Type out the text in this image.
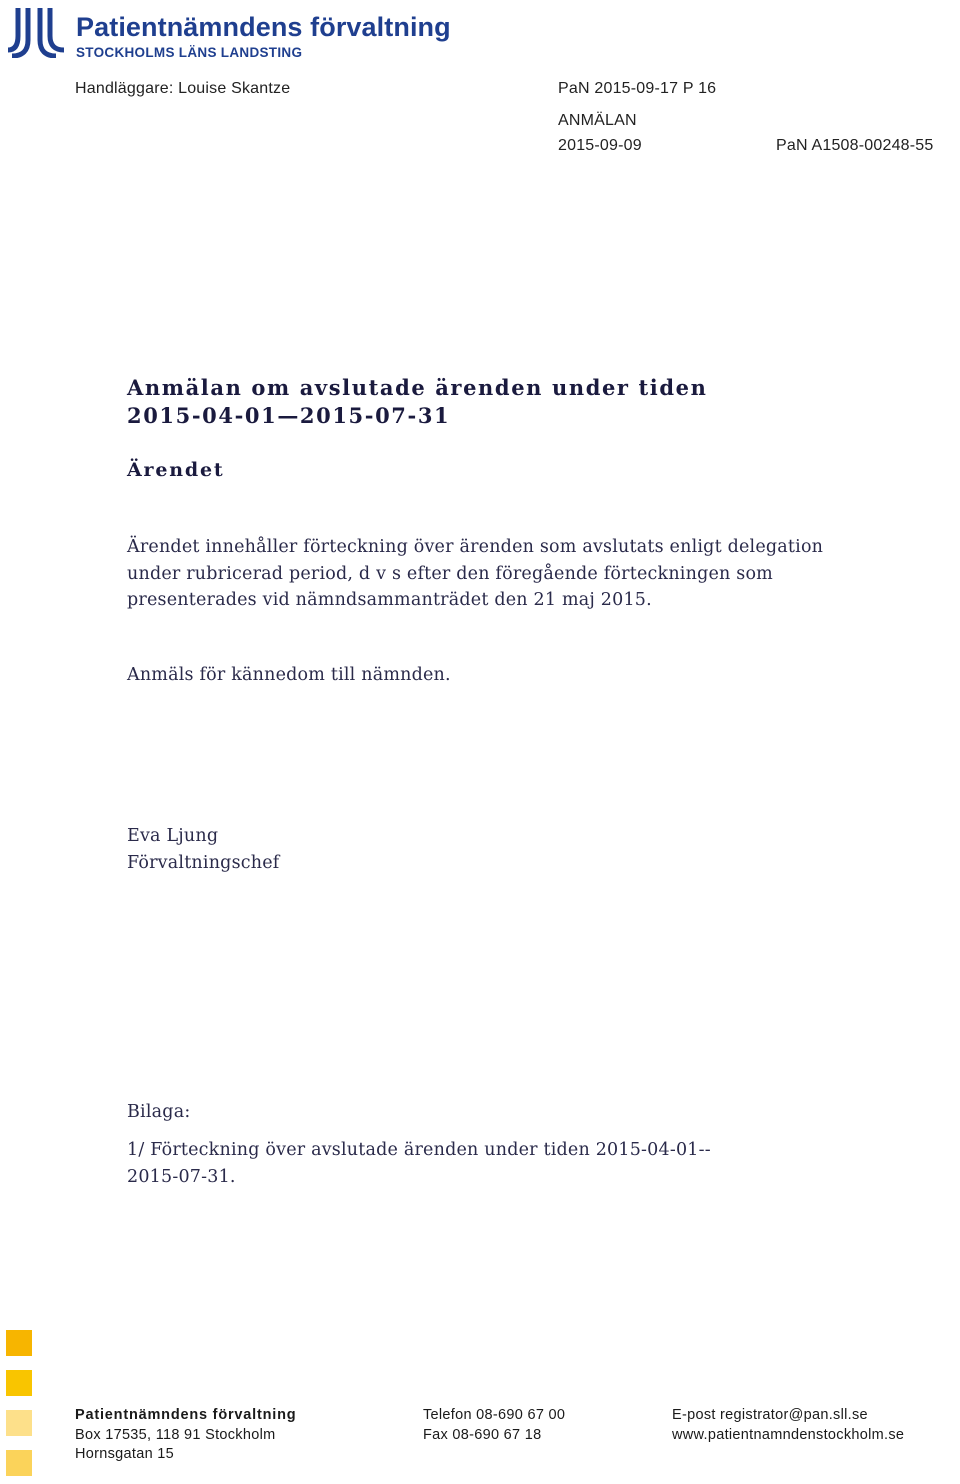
Patientnämndens förvaltning
STOCKHOLMS LÄNS LANDSTING
Handläggare: Louise Skantze	PaN 2015-09-17 P 16
ANMÄLAN
2015-09-09	PaN A1508-00248-55
Anmälan om avslutade ärenden under tiden
2015-04-01—2015-07-31
Ärendet
Ärendet innehåller förteckning över ärenden som avslutats enligt delegation
under rubricerad period, d v s efter den föregående förteckningen som
presenterades vid nämndsammanträdet den 21 maj 2015.
Anmäls för kännedom till nämnden.
Eva Ljung
Förvaltningschef
Bilaga:
1/ Förteckning över avslutade ärenden under tiden 2015-04-01--
2015-07-31.
Patientnämndens förvaltning
Box 17535, 118 91 Stockholm
Hornsgatan 15
Telefon 08-690 67 00
Fax 08-690 67 18
E-post registrator@pan.sll.se
www.patientnamndenstockholm.se
